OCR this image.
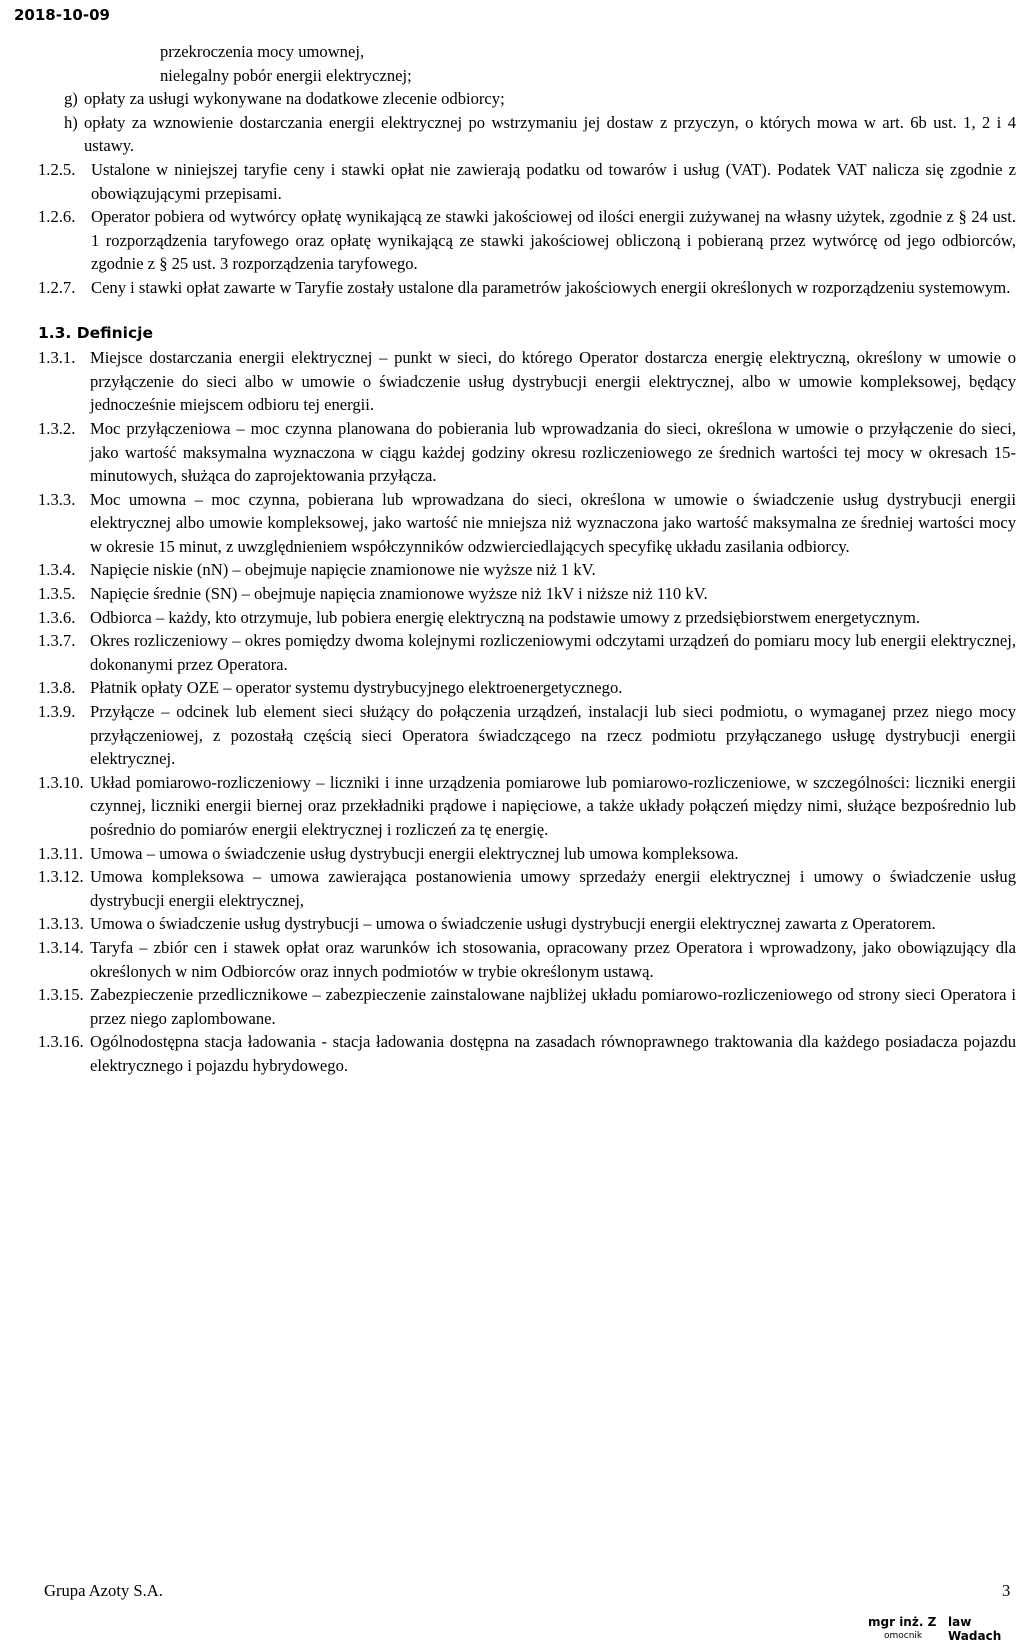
2018-10-09
przekroczenia mocy umownej,
nielegalny pobór energii elektrycznej;
g) opłaty za usługi wykonywane na dodatkowe zlecenie odbiorcy;
h) opłaty za wznowienie dostarczania energii elektrycznej po wstrzymaniu jej dostaw z przyczyn, o których mowa w art. 6b ust. 1, 2 i 4 ustawy.
1.2.5. Ustalone w niniejszej taryfie ceny i stawki opłat nie zawierają podatku od towarów i usług (VAT). Podatek VAT nalicza się zgodnie z obowiązującymi przepisami.
1.2.6. Operator pobiera od wytwórcy opłatę wynikającą ze stawki jakościowej od ilości energii zużywanej na własny użytek, zgodnie z § 24 ust. 1 rozporządzenia taryfowego oraz opłatę wynikającą ze stawki jakościowej obliczoną i pobieraną przez wytwórcę od jego odbiorców, zgodnie z § 25 ust. 3 rozporządzenia taryfowego.
1.2.7. Ceny i stawki opłat zawarte w Taryfie zostały ustalone dla parametrów jakościowych energii określonych w rozporządzeniu systemowym.
1.3. Definicje
1.3.1. Miejsce dostarczania energii elektrycznej – punkt w sieci, do którego Operator dostarcza energię elektryczną, określony w umowie o przyłączenie do sieci albo w umowie o świadczenie usług dystrybucji energii elektrycznej, albo w umowie kompleksowej, będący jednocześnie miejscem odbioru tej energii.
1.3.2. Moc przyłączeniowa – moc czynna planowana do pobierania lub wprowadzania do sieci, określona w umowie o przyłączenie do sieci, jako wartość maksymalna wyznaczona w ciągu każdej godziny okresu rozliczeniowego ze średnich wartości tej mocy w okresach 15-minutowych, służąca do zaprojektowania przyłącza.
1.3.3. Moc umowna – moc czynna, pobierana lub wprowadzana do sieci, określona w umowie o świadczenie usług dystrybucji energii elektrycznej albo umowie kompleksowej, jako wartość nie mniejsza niż wyznaczona jako wartość maksymalna ze średniej wartości mocy w okresie 15 minut, z uwzględnieniem współczynników odzwierciedlających specyfikę układu zasilania odbiorcy.
1.3.4. Napięcie niskie (nN) – obejmuje napięcie znamionowe nie wyższe niż 1 kV.
1.3.5. Napięcie średnie (SN) – obejmuje napięcia znamionowe wyższe niż 1kV i niższe niż 110 kV.
1.3.6. Odbiorca – każdy, kto otrzymuje, lub pobiera energię elektryczną na podstawie umowy z przedsiębiorstwem energetycznym.
1.3.7. Okres rozliczeniowy – okres pomiędzy dwoma kolejnymi rozliczeniowymi odczytami urządzeń do pomiaru mocy lub energii elektrycznej, dokonanymi przez Operatora.
1.3.8. Płatnik opłaty OZE – operator systemu dystrybucyjnego elektroenergetycznego.
1.3.9. Przyłącze – odcinek lub element sieci służący do połączenia urządzeń, instalacji lub sieci podmiotu, o wymaganej przez niego mocy przyłączeniowej, z pozostałą częścią sieci Operatora świadczącego na rzecz podmiotu przyłączanego usługę dystrybucji energii elektrycznej.
1.3.10. Układ pomiarowo-rozliczeniowy – liczniki i inne urządzenia pomiarowe lub pomiarowo-rozliczeniowe, w szczególności: liczniki energii czynnej, liczniki energii biernej oraz przekładniki prądowe i napięciowe, a także układy połączeń między nimi, służące bezpośrednio lub pośrednio do pomiarów energii elektrycznej i rozliczeń za tę energię.
1.3.11. Umowa – umowa o świadczenie usług dystrybucji energii elektrycznej lub umowa kompleksowa.
1.3.12. Umowa kompleksowa – umowa zawierająca postanowienia umowy sprzedaży energii elektrycznej i umowy o świadczenie usług dystrybucji energii elektrycznej,
1.3.13. Umowa o świadczenie usług dystrybucji – umowa o świadczenie usługi dystrybucji energii elektrycznej zawarta z Operatorem.
1.3.14. Taryfa – zbiór cen i stawek opłat oraz warunków ich stosowania, opracowany przez Operatora i wprowadzony, jako obowiązujący dla określonych w nim Odbiorców oraz innych podmiotów w trybie określonym ustawą.
1.3.15. Zabezpieczenie przedlicznikowe – zabezpieczenie zainstalowane najbliżej układu pomiarowo-rozliczeniowego od strony sieci Operatora i przez niego zaplombowane.
1.3.16. Ogólnodostępna stacja ładowania - stacja ładowania dostępna na zasadach równoprawnego traktowania dla każdego posiadacza pojazdu elektrycznego i pojazdu hybrydowego.
Grupa Azoty S.A.	3
mgr inż. Z law Wadach
omocnik
